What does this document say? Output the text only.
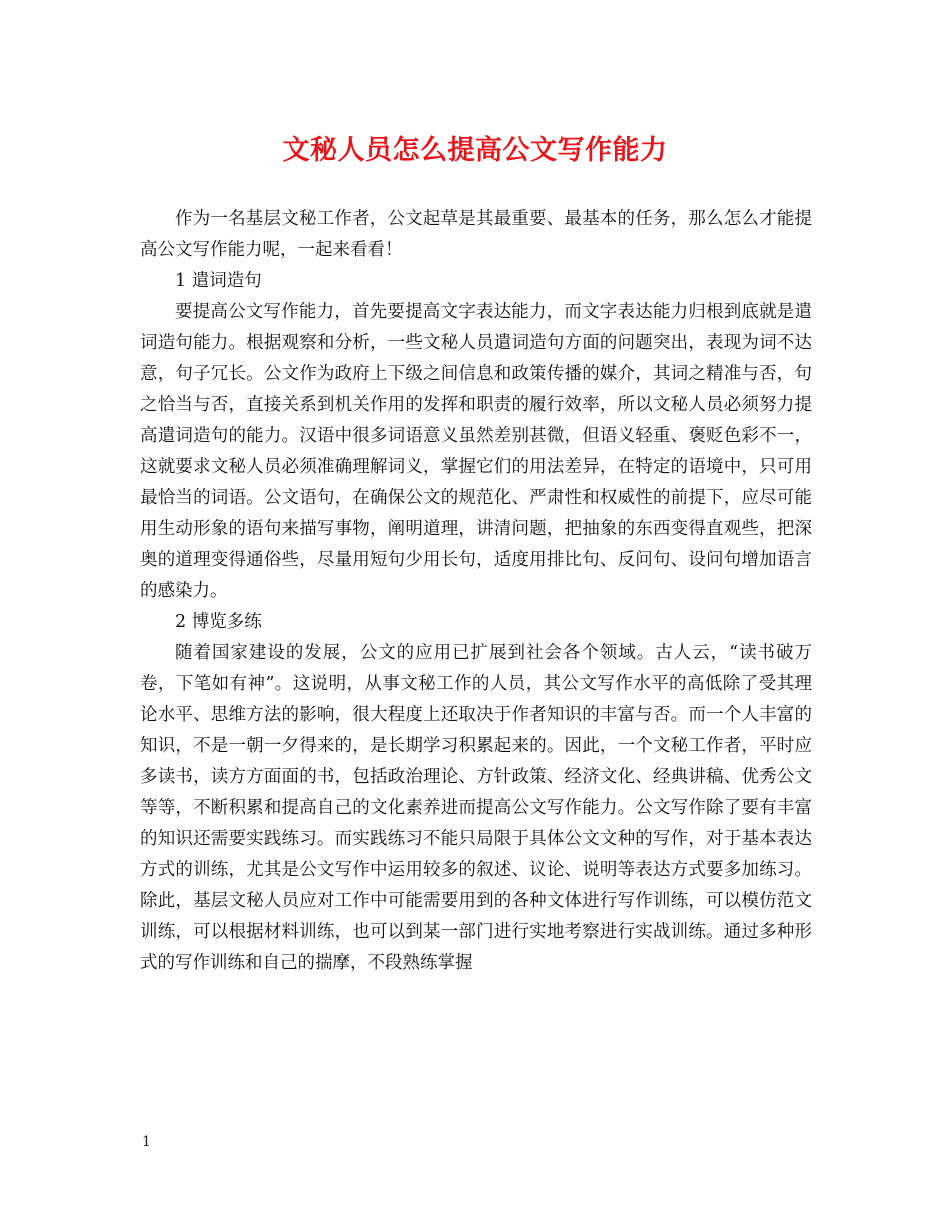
文秘人员怎么提高公文写作能力

作为一名基层文秘工作者，公文起草是其最重要、最基本的任务，那么怎么才能提高公文写作能力呢，一起来看看！

1 遣词造句

要提高公文写作能力，首先要提高文字表达能力，而文字表达能力归根到底就是遣词造句能力。根据观察和分析，一些文秘人员遣词造句方面的问题突出，表现为词不达意，句子冗长。公文作为政府上下级之间信息和政策传播的媒介，其词之精准与否，句之恰当与否，直接关系到机关作用的发挥和职责的履行效率，所以文秘人员必须努力提高遣词造句的能力。汉语中很多词语意义虽然差别甚微，但语义轻重、褒贬色彩不一，这就要求文秘人员必须准确理解词义，掌握它们的用法差异，在特定的语境中，只可用最恰当的词语。公文语句，在确保公文的规范化、严肃性和权威性的前提下，应尽可能用生动形象的语句来描写事物，阐明道理，讲清问题，把抽象的东西变得直观些，把深奥的道理变得通俗些，尽量用短句少用长句，适度用排比句、反问句、设问句增加语言的感染力。

2 博览多练

随着国家建设的发展，公文的应用已扩展到社会各个领域。古人云，“读书破万卷，下笔如有神”。这说明，从事文秘工作的人员，其公文写作水平的高低除了受其理论水平、思维方法的影响，很大程度上还取决于作者知识的丰富与否。而一个人丰富的知识，不是一朝一夕得来的，是长期学习积累起来的。因此，一个文秘工作者，平时应多读书，读方方面面的书，包括政治理论、方针政策、经济文化、经典讲稿、优秀公文等等，不断积累和提高自己的文化素养进而提高公文写作能力。公文写作除了要有丰富的知识还需要实践练习。而实践练习不能只局限于具体公文文种的写作，对于基本表达方式的训练，尤其是公文写作中运用较多的叙述、议论、说明等表达方式要多加练习。除此，基层文秘人员应对工作中可能需要用到的各种文体进行写作训练，可以模仿范文训练，可以根据材料训练，也可以到某一部门进行实地考察进行实战训练。通过多种形式的写作训练和自己的揣摩，不段熟练掌握

1
